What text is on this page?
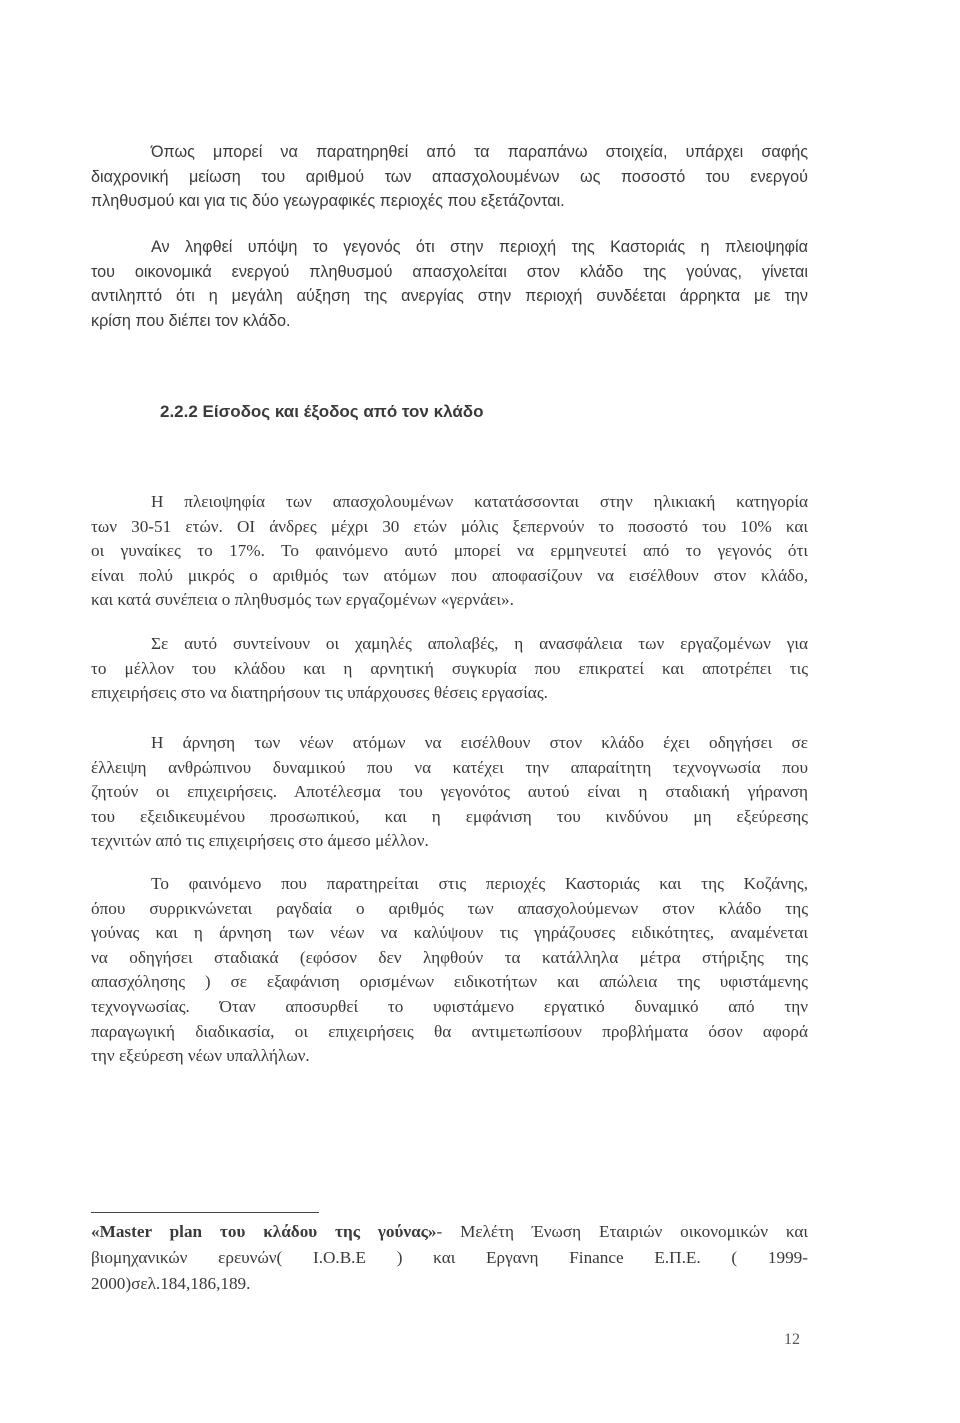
Όπως μπορεί να παρατηρηθεί από τα παραπάνω στοιχεία, υπάρχει σαφής
διαχρονική μείωση του αριθμού των απασχολουμένων ως ποσοστό του ενεργού
πληθυσμού και για τις δύο γεωγραφικές περιοχές που εξετάζονται.
Αν ληφθεί υπόψη το γεγονός ότι στην περιοχή της Καστοριάς η πλειοψηφία
του οικονομικά ενεργού πληθυσμού απασχολείται στον κλάδο της γούνας, γίνεται
αντιληπτό ότι η μεγάλη αύξηση της ανεργίας στην περιοχή συνδέεται άρρηκτα με την
κρίση που διέπει τον κλάδο.
2.2.2 Είσοδος και έξοδος από τον κλάδο
Η πλειοψηφία των απασχολουμένων κατατάσσονται στην ηλικιακή κατηγορία
των 30-51 ετών. ΟΙ άνδρες μέχρι 30 ετών μόλις ξεπερνούν το ποσοστό του 10% και
οι γυναίκες το 17%. Το φαινόμενο αυτό μπορεί να ερμηνευτεί από το γεγονός ότι
είναι πολύ μικρός ο αριθμός των ατόμων που αποφασίζουν να εισέλθουν στον κλάδο,
και κατά συνέπεια ο πληθυσμός των εργαζομένων «γερνάει».
Σε αυτό συντείνουν οι χαμηλές απολαβές, η ανασφάλεια των εργαζομένων για
το μέλλον του κλάδου και η αρνητική συγκυρία που επικρατεί και αποτρέπει τις
επιχειρήσεις στο να διατηρήσουν τις υπάρχουσες θέσεις εργασίας.
Η άρνηση των νέων ατόμων να εισέλθουν στον κλάδο έχει οδηγήσει σε
έλλειψη ανθρώπινου δυναμικού που να κατέχει την απαραίτητη τεχνογνωσία που
ζητούν οι επιχειρήσεις. Αποτέλεσμα του γεγονότος αυτού είναι η σταδιακή γήρανση
του εξειδικευμένου προσωπικού, και η εμφάνιση του κινδύνου μη εξεύρεσης
τεχνιτών από τις επιχειρήσεις στο άμεσο μέλλον.
Το φαινόμενο που παρατηρείται στις περιοχές Καστοριάς και της Κοζάνης,
όπου συρρικνώνεται ραγδαία ο αριθμός των απασχολούμενων στον κλάδο της
γούνας και η άρνηση των νέων να καλύψουν τις γηράζουσες ειδικότητες, αναμένεται
να οδηγήσει σταδιακά (εφόσον δεν ληφθούν τα κατάλληλα μέτρα στήριξης της
απασχόλησης ) σε εξαφάνιση ορισμένων ειδικοτήτων και απώλεια της υφιστάμενης
τεχνογνωσίας. Όταν αποσυρθεί το υφιστάμενο εργατικό δυναμικό από την
παραγωγική διαδικασία, οι επιχειρήσεις θα αντιμετωπίσουν προβλήματα όσον αφορά
την εξεύρεση νέων υπαλλήλων.
«Master plan του κλάδου της γούνας»- Μελέτη Ένωση Εταιριών οικονομικών και
βιομηχανικών ερευνών( I.O.B.E ) και Εργανη Finance Ε.Π.Ε. ( 1999-
2000)σελ.184,186,189.
12
